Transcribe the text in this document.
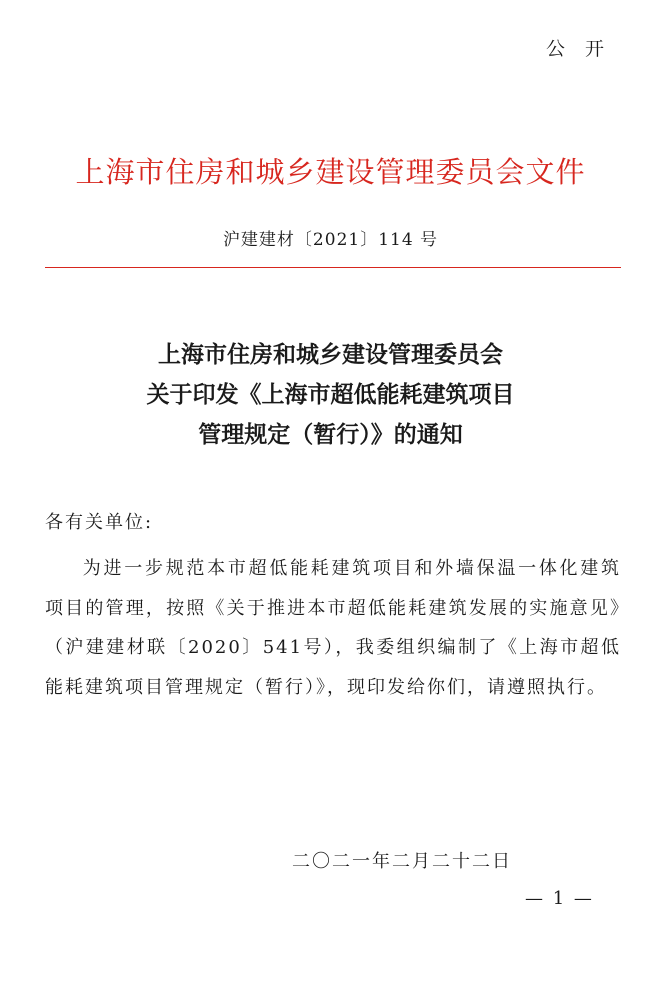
公 开
上海市住房和城乡建设管理委员会文件
沪建建材〔2021〕114 号
上海市住房和城乡建设管理委员会
关于印发《上海市超低能耗建筑项目
管理规定（暂行）》的通知
各有关单位:
为进一步规范本市超低能耗建筑项目和外墙保温一体化建筑项目的管理，按照《关于推进本市超低能耗建筑发展的实施意见》（沪建建材联〔2020〕541号），我委组织编制了《上海市超低能耗建筑项目管理规定（暂行）》，现印发给你们，请遵照执行。
二〇二一年二月二十二日
— 1 —
